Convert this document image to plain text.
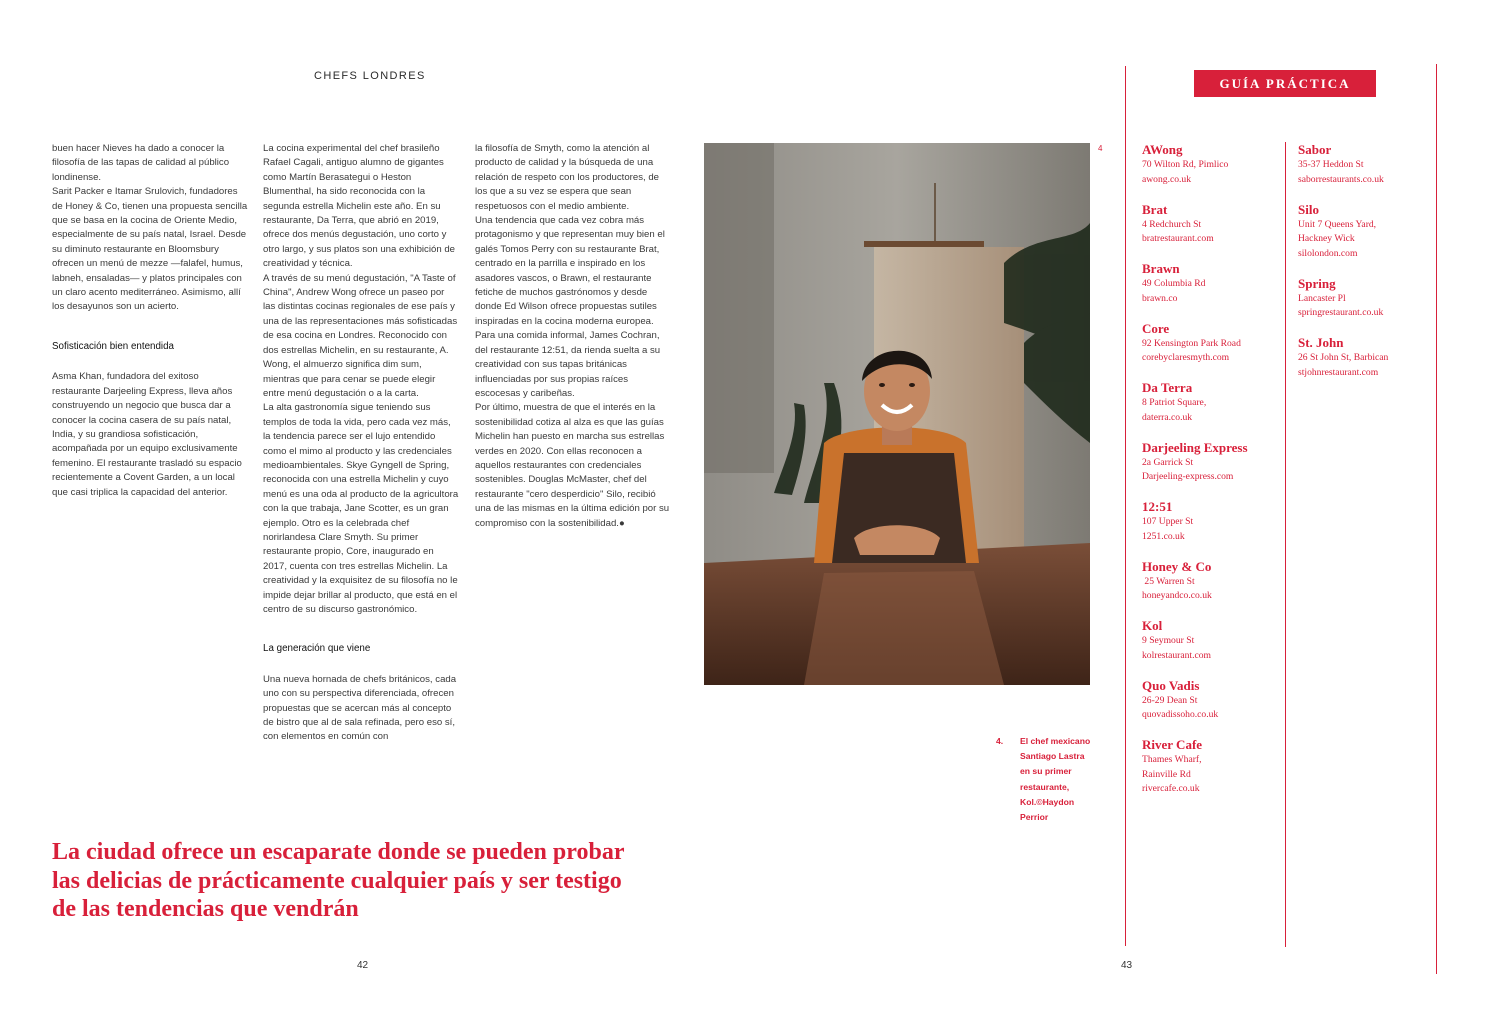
CHEFS LONDRES

buen hacer Nieves ha dado a conocer la filosofía de las tapas de calidad al público londinense.

Sarit Packer e Itamar Srulovich, fundadores de Honey & Co, tienen una propuesta sencilla que se basa en la cocina de Oriente Medio, especialmente de su país natal, Israel. Desde su diminuto restaurante en Bloomsbury ofrecen un menú de mezze —falafel, humus, labneh, ensaladas— y platos principales con un claro acento mediterráneo. Asimismo, allí los desayunos son un acierto.

Sofisticación bien entendida

Asma Khan, fundadora del exitoso restaurante Darjeeling Express, lleva años construyendo un negocio que busca dar a conocer la cocina casera de su país natal, India, y su grandiosa sofisticación, acompañada por un equipo exclusivamente femenino. El restaurante trasladó su espacio recientemente a Covent Garden, a un local que casi triplica la capacidad del anterior.

La cocina experimental del chef brasileño Rafael Cagali, antiguo alumno de gigantes como Martín Berasategui o Heston Blumenthal, ha sido reconocida con la segunda estrella Michelin este año. En su restaurante, Da Terra, que abrió en 2019, ofrece dos menús degustación, uno corto y otro largo, y sus platos son una exhibición de creatividad y técnica.

A través de su menú degustación, "A Taste of China", Andrew Wong ofrece un paseo por las distintas cocinas regionales de ese país y una de las representaciones más sofisticadas de esa cocina en Londres. Reconocido con dos estrellas Michelin, en su restaurante, A. Wong, el almuerzo significa dim sum, mientras que para cenar se puede elegir entre menú degustación o a la carta.

La alta gastronomía sigue teniendo sus templos de toda la vida, pero cada vez más, la tendencia parece ser el lujo entendido como el mimo al producto y las credenciales medioambientales. Skye Gyngell de Spring, reconocida con una estrella Michelin y cuyo menú es una oda al producto de la agricultora con la que trabaja, Jane Scotter, es un gran ejemplo. Otro es la celebrada chef norirlandesa Clare Smyth. Su primer restaurante propio, Core, inaugurado en 2017, cuenta con tres estrellas Michelin. La creatividad y la exquisitez de su filosofía no le impide dejar brillar al producto, que está en el centro de su discurso gastronómico.

La generación que viene

Una nueva hornada de chefs británicos, cada uno con su perspectiva diferenciada, ofrecen propuestas que se acercan más al concepto de bistro que al de sala refinada, pero eso sí, con elementos en común con

la filosofía de Smyth, como la atención al producto de calidad y la búsqueda de una relación de respeto con los productores, de los que a su vez se espera que sean respetuosos con el medio ambiente.

Una tendencia que cada vez cobra más protagonismo y que representan muy bien el galés Tomos Perry con su restaurante Brat, centrado en la parrilla e inspirado en los asadores vascos, o Brawn, el restaurante fetiche de muchos gastrónomos y desde donde Ed Wilson ofrece propuestas sutiles inspiradas en la cocina moderna europea.

Para una comida informal, James Cochran, del restaurante 12:51, da rienda suelta a su creatividad con sus tapas británicas influenciadas por sus propias raíces escocesas y caribeñas.

Por último, muestra de que el interés en la sostenibilidad cotiza al alza es que las guías Michelin han puesto en marcha sus estrellas verdes en 2020. Con ellas reconocen a aquellos restaurantes con credenciales sostenibles. Douglas McMaster, chef del restaurante "cero desperdicio" Silo, recibió una de las mismas en la última edición por su compromiso con la sostenibilidad.●

4
4. El chef mexicano Santiago Lastra en su primer restaurante, Kol.©Haydon Perrior
La ciudad ofrece un escaparate donde se pueden probar las delicias de prácticamente cualquier país y ser testigo de las tendencias que vendrán
42	43
GUÍA PRÁCTICA
AWong
70 Wilton Rd, Pimlico
awong.co.uk
Brat
4 Redchurch St
bratrestaurant.com
Brawn
49 Columbia Rd
brawn.co
Core
92 Kensington Park Road
corebyclaresmyth.com
Da Terra
8 Patriot Square,
daterra.co.uk
Darjeeling Express
2a Garrick St
Darjeeling-express.com
12:51
107 Upper St
1251.co.uk
Honey & Co
25 Warren St
honeyandco.co.uk
Kol
9 Seymour St
kolrestaurant.com
Quo Vadis
26-29 Dean St
quovadissoho.co.uk
River Cafe
Thames Wharf,
Rainville Rd
rivercafe.co.uk
Sabor
35-37 Heddon St
saborrestaurants.co.uk
Silo
Unit 7 Queens Yard,
Hackney Wick
silolondon.com
Spring
Lancaster Pl
springrestaurant.co.uk
St. John
26 St John St, Barbican
stjohnrestaurant.com
